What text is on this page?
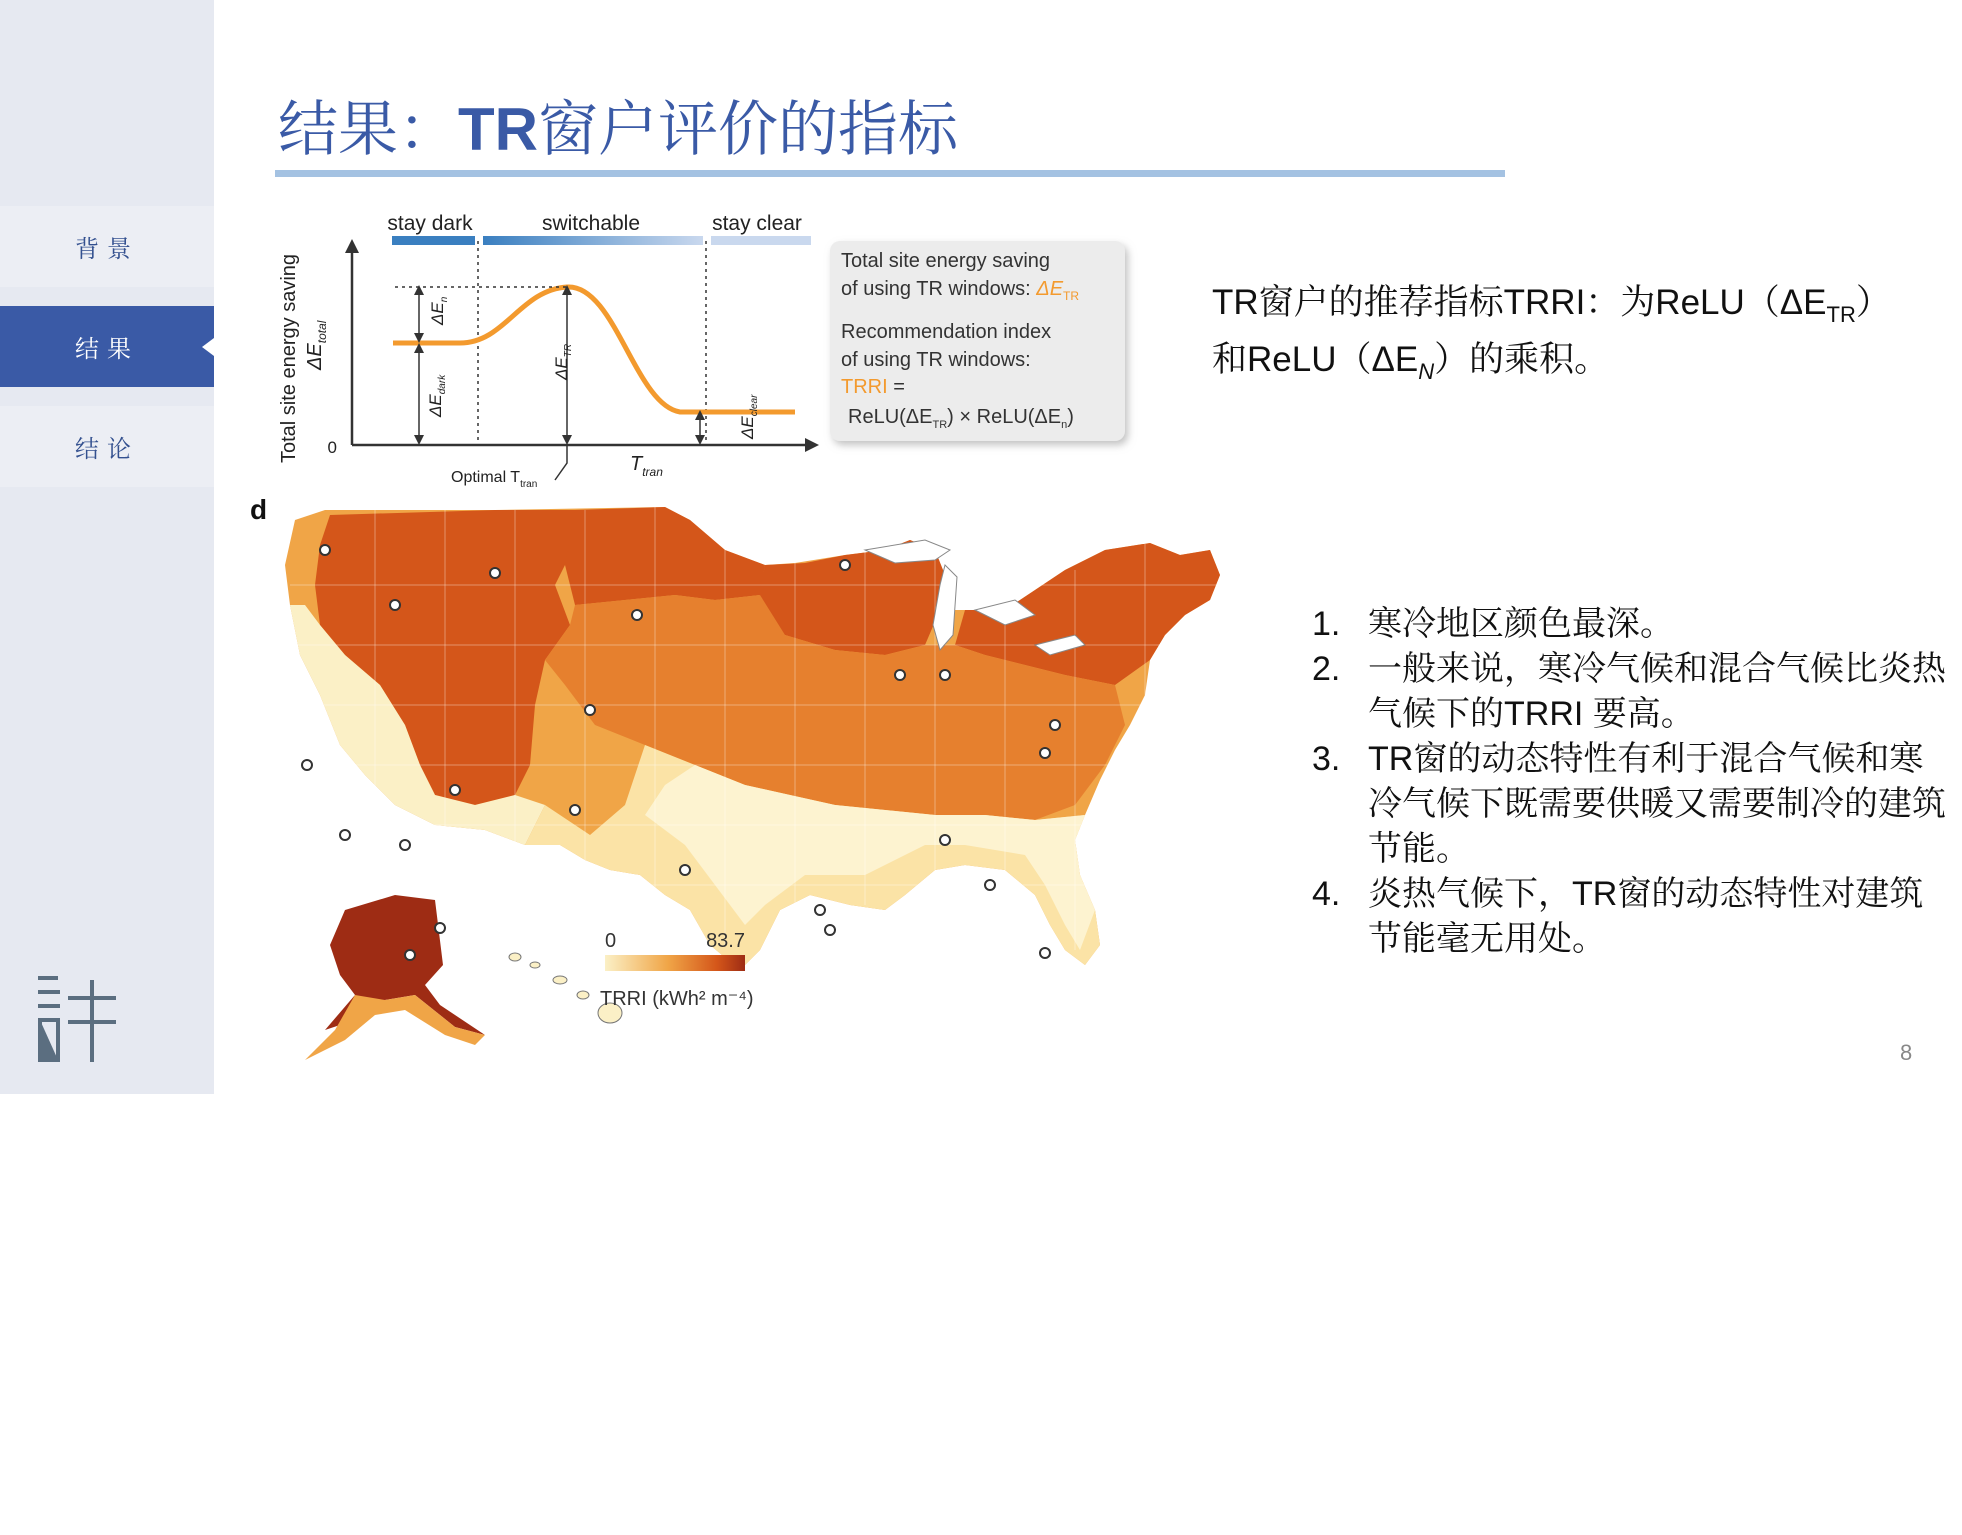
背景
结果
结论
结果：TR窗户评价的指标
stay dark	switchable	stay clear
0
Total site energy saving $\Delta E_{total}$
$\Delta E_n$
$\Delta E_{dark}$
$\Delta E_{TR}$
$\Delta E_{clear}$
Optimal $T_{tran}$
$T_{tran}$
Total site energy saving
of using TR windows: $\Delta E_{TR}$
Recommendation index
of using TR windows:
TRRI =
$ReLU(\Delta E_{TR})$ × $ReLU(\Delta E_n)$
d
0	83.7
TRRI (kWh² m⁻⁴)
TR窗户的推荐指标TRRI：为$ReLU(\Delta E_{TR})$
和$ReLU(\Delta E_N)$的乘积。
1. 寒冷地区颜色最深。
2. 一般来说，寒冷气候和混合气候比炎热气候下的TRRI 要高。
3. TR窗的动态特性有利于混合气候和寒冷气候下既需要供暖又需要制冷的建筑节能。
4. 炎热气候下，TR窗的动态特性对建筑节能毫无用处。
8
